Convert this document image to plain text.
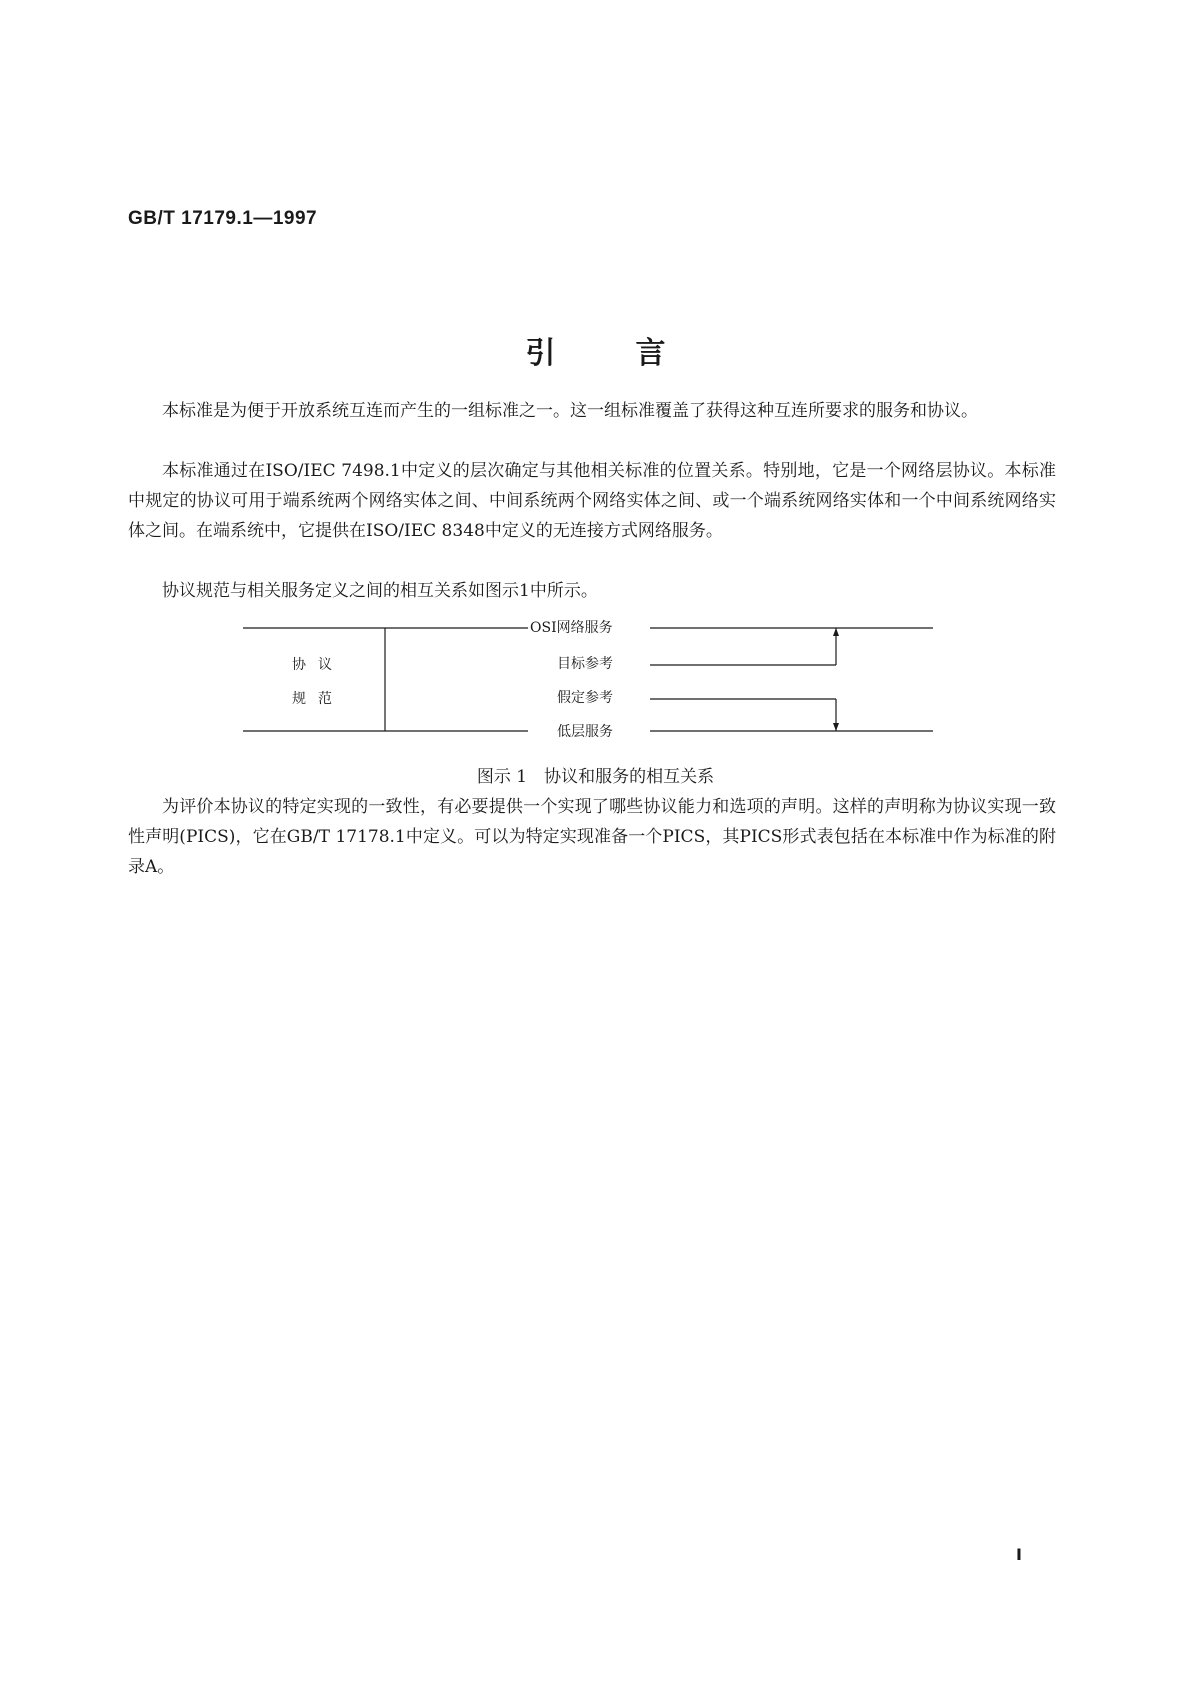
GB/T 17179.1—1997
引	言

本标准是为便于开放系统互连而产生的一组标准之一。这一组标准覆盖了获得这种互连所要求的服务和协议。

本标准通过在ISO/IEC 7498.1中定义的层次确定与其他相关标准的位置关系。特别地，它是一个网络层协议。本标准中规定的协议可用于端系统两个网络实体之间、中间系统两个网络实体之间、或一个端系统网络实体和一个中间系统网络实体之间。在端系统中，它提供在ISO/IEC 8348中定义的无连接方式网络服务。

协议规范与相关服务定义之间的相互关系如图示1中所示。

协议
规范
OSI网络服务
目标参考
假定参考
低层服务
图示 1　协议和服务的相互关系

为评价本协议的特定实现的一致性，有必要提供一个实现了哪些协议能力和选项的声明。这样的声明称为协议实现一致性声明(PICS)，它在GB/T 17178.1中定义。可以为特定实现准备一个PICS，其PICS形式表包括在本标准中作为标准的附录A。

Ⅰ
